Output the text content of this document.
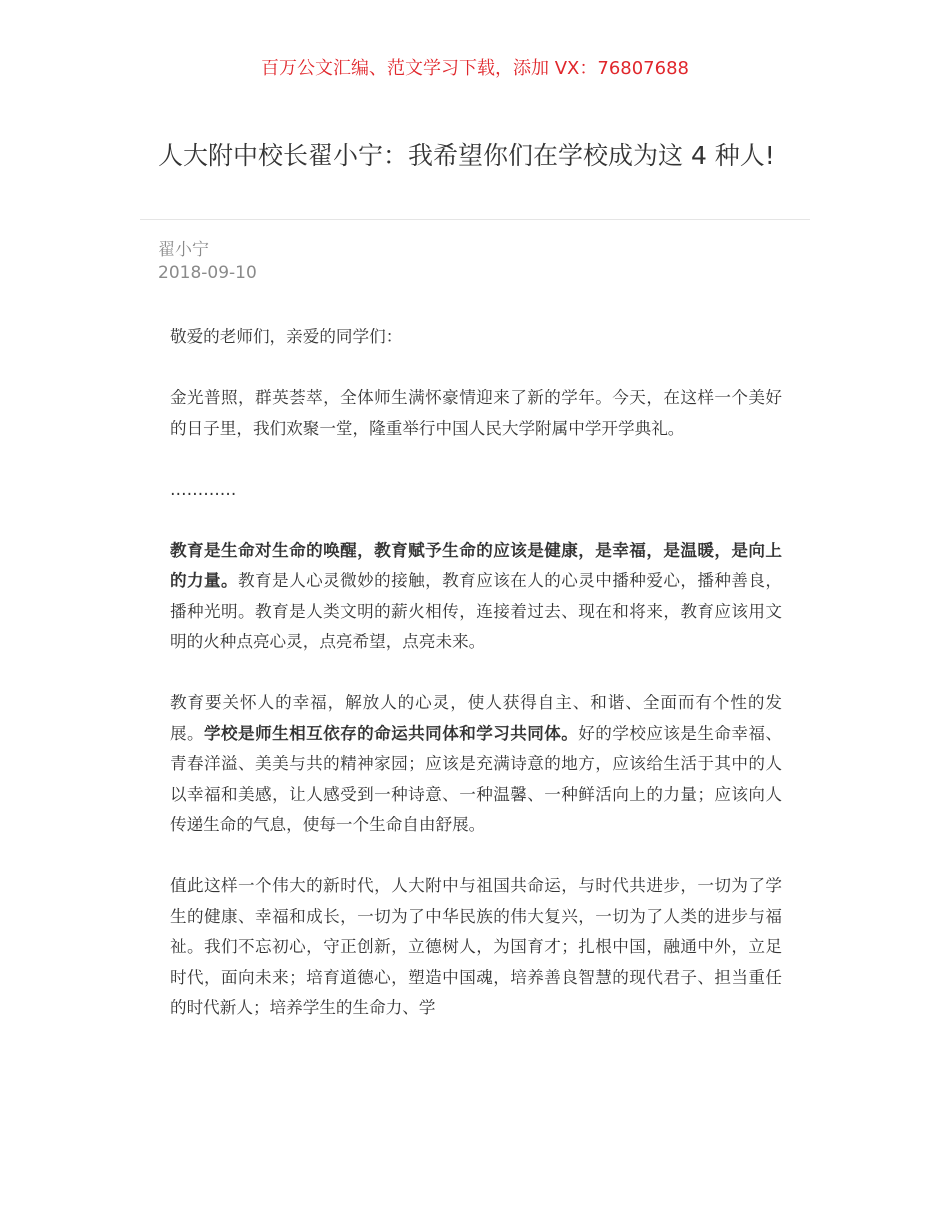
百万公文汇编、范文学习下载，添加 VX：76807688
人大附中校长翟小宁：我希望你们在学校成为这 4 种人!
翟小宁
2018-09-10

敬爱的老师们，亲爱的同学们：

金光普照，群英荟萃，全体师生满怀豪情迎来了新的学年。今天，在这样一个美好的日子里，我们欢聚一堂，隆重举行中国人民大学附属中学开学典礼。

…………

教育是生命对生命的唤醒，教育赋予生命的应该是健康，是幸福，是温暖，是向上的力量。教育是人心灵微妙的接触，教育应该在人的心灵中播种爱心，播种善良，播种光明。教育是人类文明的薪火相传，连接着过去、现在和将来，教育应该用文明的火种点亮心灵，点亮希望，点亮未来。

教育要关怀人的幸福，解放人的心灵，使人获得自主、和谐、全面而有个性的发展。学校是师生相互依存的命运共同体和学习共同体。好的学校应该是生命幸福、青春洋溢、美美与共的精神家园；应该是充满诗意的地方，应该给生活于其中的人以幸福和美感，让人感受到一种诗意、一种温馨、一种鲜活向上的力量；应该向人传递生命的气息，使每一个生命自由舒展。

值此这样一个伟大的新时代，人大附中与祖国共命运，与时代共进步，一切为了学生的健康、幸福和成长，一切为了中华民族的伟大复兴，一切为了人类的进步与福祉。我们不忘初心，守正创新，立德树人，为国育才；扎根中国，融通中外，立足时代，面向未来；培育道德心，塑造中国魂，培养善良智慧的现代君子、担当重任的时代新人；培养学生的生命力、学
